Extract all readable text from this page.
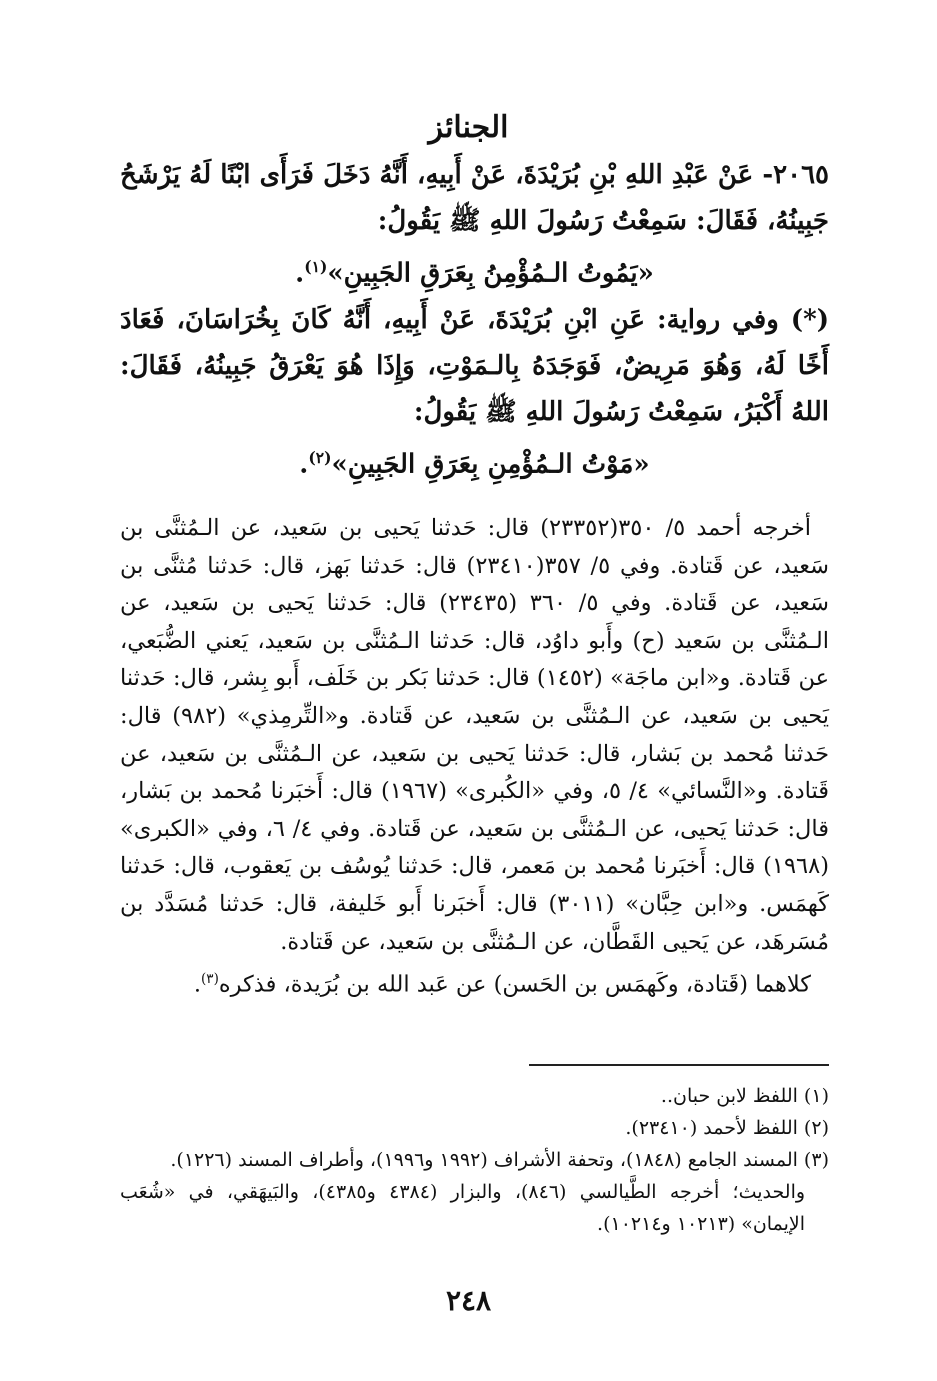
الجنائز

٢٠٦٥- عَنْ عَبْدِ اللهِ بْنِ بُرَيْدَةَ، عَنْ أَبِيهِ، أَنَّهُ دَخَلَ فَرَأَى ابْنًا لَهُ يَرْشَحُ جَبِينُهُ، فَقَالَ: سَمِعْتُ رَسُولَ اللهِ ﷺ يَقُولُ:

«يَمُوتُ الـمُؤْمِنُ بِعَرَقِ الجَبِينِ»$^{(١)}$.

(*) وفي رواية: عَنِ ابْنِ بُرَيْدَةَ، عَنْ أَبِيهِ، أَنَّهُ كَانَ بِخُرَاسَانَ، فَعَادَ أَخًا لَهُ، وَهُوَ مَرِيضٌ، فَوَجَدَهُ بِالـمَوْتِ، وَإِذَا هُوَ يَعْرَقُ جَبِينُهُ، فَقَالَ: اللهُ أَكْبَرُ، سَمِعْتُ رَسُولَ اللهِ ﷺ يَقُولُ:

«مَوْتُ الـمُؤْمِنِ بِعَرَقِ الجَبِينِ»$^{(٢)}$.

أخرجه أحمد ٥/ ٣٥٠(٢٣٣٥٢) قال: حَدثنا يَحيى بن سَعيد، عن الـمُثنَّى بن سَعيد، عن قَتادة. وفي ٥/ ٣٥٧(٢٣٤١٠) قال: حَدثنا بَهز، قال: حَدثنا مُثنَّى بن سَعيد، عن قَتادة. وفي ٥/ ٣٦٠ (٢٣٤٣٥) قال: حَدثنا يَحيى بن سَعيد، عن الـمُثنَّى بن سَعيد (ح) وأَبو داوُد، قال: حَدثنا الـمُثنَّى بن سَعيد، يَعني الضُّبَعي، عن قَتادة. و«ابن ماجَة» (١٤٥٢) قال: حَدثنا بَكر بن خَلَف، أَبو بِشر، قال: حَدثنا يَحيى بن سَعيد، عن الـمُثنَّى بن سَعيد، عن قَتادة. و«التِّرمِذي» (٩٨٢) قال: حَدثنا مُحمد بن بَشار، قال: حَدثنا يَحيى بن سَعيد، عن الـمُثنَّى بن سَعيد، عن قَتادة. و«النَّسائي» ٤/ ٥، وفي «الكُبرى» (١٩٦٧) قال: أَخبَرنا مُحمد بن بَشار، قال: حَدثنا يَحيى، عن الـمُثنَّى بن سَعيد، عن قَتادة. وفي ٤/ ٦، وفي «الكبرى» (١٩٦٨) قال: أَخبَرنا مُحمد بن مَعمر، قال: حَدثنا يُوسُف بن يَعقوب، قال: حَدثنا كَهمَس. و«ابن حِبَّان» (٣٠١١) قال: أَخبَرنا أَبو خَليفة، قال: حَدثنا مُسَدَّد بن مُسَرهَد، عن يَحيى القَطَّان، عن الـمُثنَّى بن سَعيد، عن قَتادة.

كلاهما (قَتادة، وكَهمَس بن الحَسن) عن عَبد الله بن بُرَيدة، فذكره$^{(٣)}$.

(١) اللفظ لابن حبان..

(٢) اللفظ لأحمد (٢٣٤١٠).

(٣) المسند الجامع (١٨٤٨)، وتحفة الأشراف (١٩٩٢ و١٩٩٦)، وأطراف المسند (١٢٢٦).

والحديث؛ أخرجه الطَّيالسي (٨٤٦)، والبزار (٤٣٨٤ و٤٣٨٥)، والبَيهَقي، في «شُعَب الإيمان» (١٠٢١٣ و١٠٢١٤).

٢٤٨
